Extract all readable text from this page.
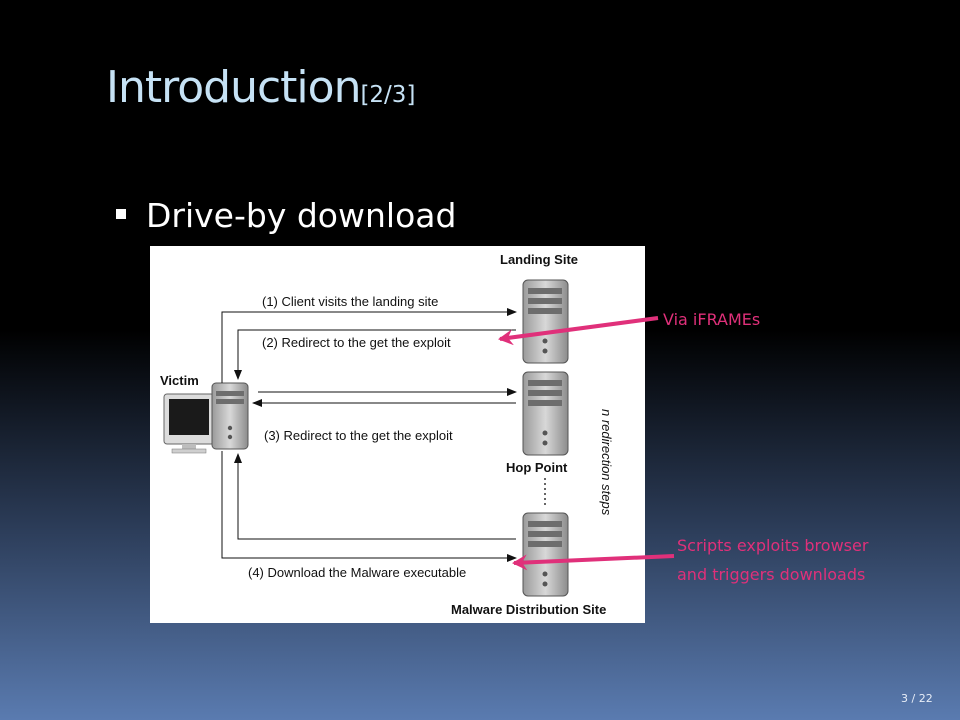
Introduction[2/3]
Drive-by download
Landing Site
Victim
Hop Point
Malware Distribution Site
n redirection steps
(1) Client visits the landing site
(2) Redirect to the get the exploit
(3) Redirect to the get the exploit
(4) Download the Malware executable
Via iFRAMEs
Scripts exploits browser
and triggers downloads
3 / 22
